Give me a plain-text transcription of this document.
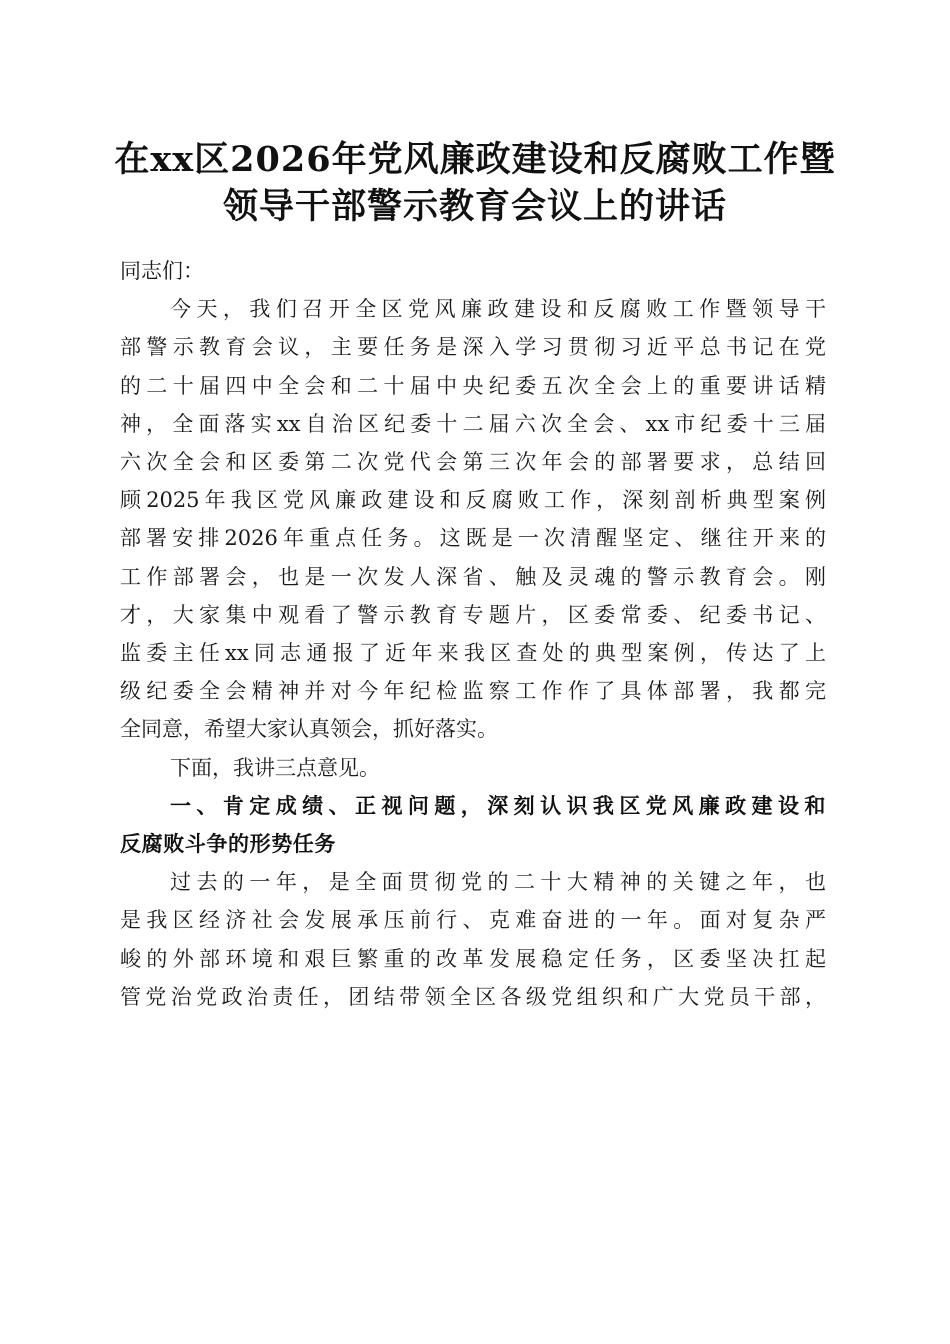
在xx区2026年党风廉政建设和反腐败工作暨
领导干部警示教育会议上的讲话
同志们：
今天，我们召开全区党风廉政建设和反腐败工作暨领导干
部警示教育会议，主要任务是深入学习贯彻习近平总书记在党
的二十届四中全会和二十届中央纪委五次全会上的重要讲话精
神，全面落实xx自治区纪委十二届六次全会、xx市纪委十三届
六次全会和区委第二次党代会第三次年会的部署要求，总结回
顾2025年我区党风廉政建设和反腐败工作，深刻剖析典型案例
部署安排2026年重点任务。这既是一次清醒坚定、继往开来的
工作部署会，也是一次发人深省、触及灵魂的警示教育会。刚
才，大家集中观看了警示教育专题片，区委常委、纪委书记、
监委主任xx同志通报了近年来我区查处的典型案例，传达了上
级纪委全会精神并对今年纪检监察工作作了具体部署，我都完
全同意，希望大家认真领会，抓好落实。
下面，我讲三点意见。
一、肯定成绩、正视问题，深刻认识我区党风廉政建设和
反腐败斗争的形势任务
过去的一年，是全面贯彻党的二十大精神的关键之年，也
是我区经济社会发展承压前行、克难奋进的一年。面对复杂严
峻的外部环境和艰巨繁重的改革发展稳定任务，区委坚决扛起
管党治党政治责任，团结带领全区各级党组织和广大党员干部，
